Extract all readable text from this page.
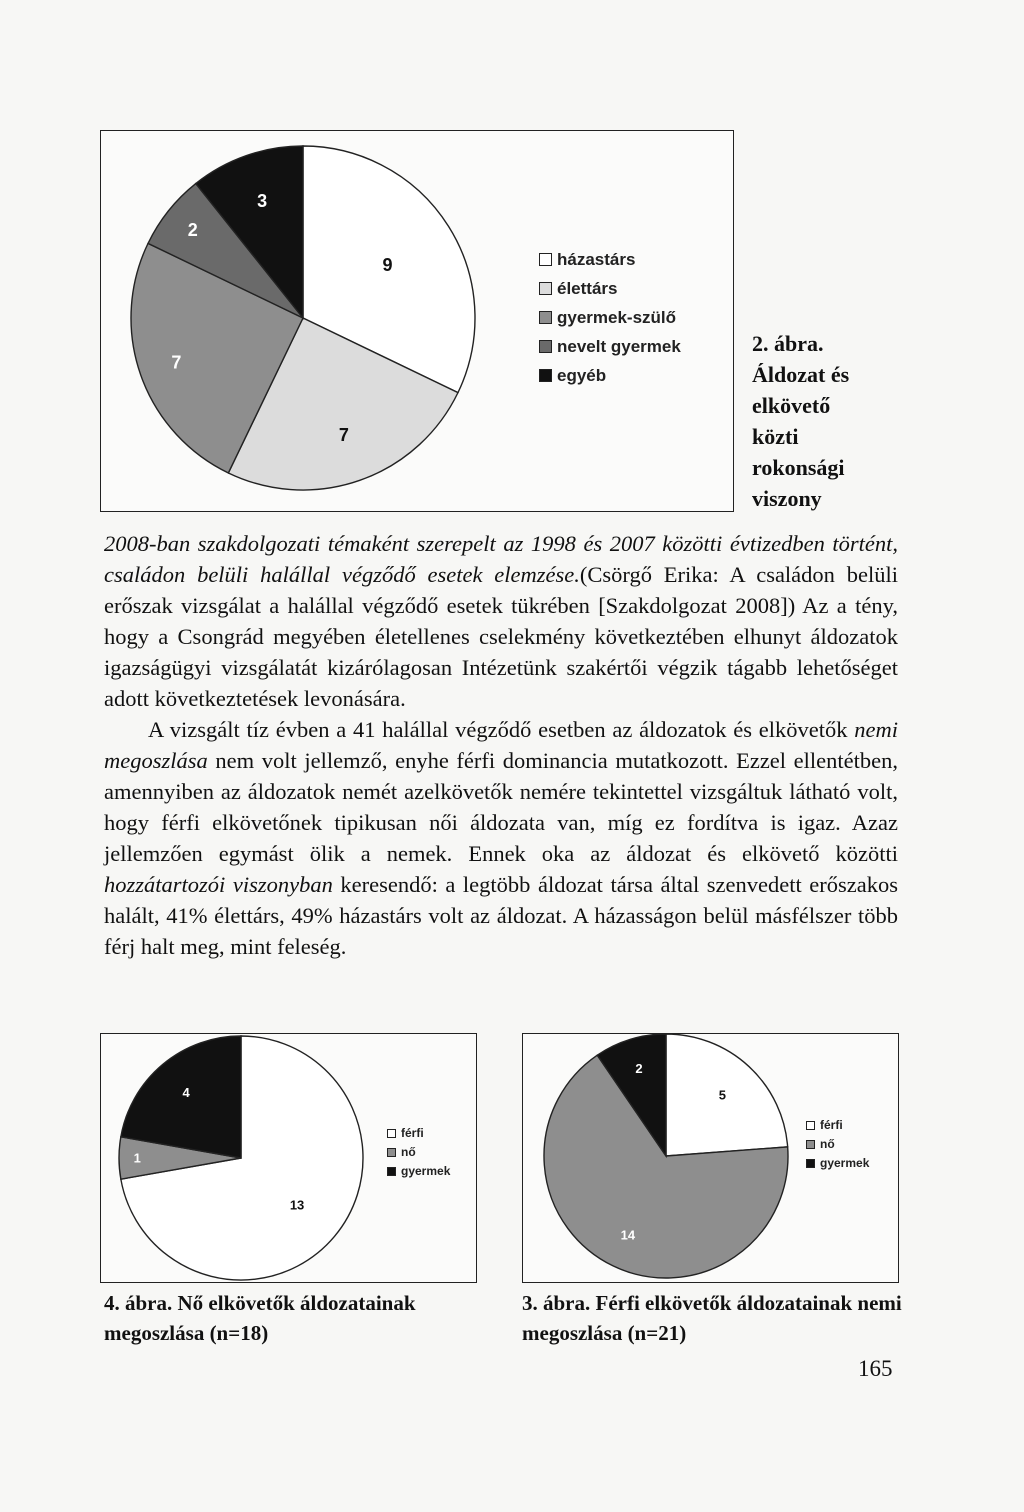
9
7
7
2
3
házastárs
élettárs
gyermek-szülő
nevelt gyermek
egyéb
2. ábra.
Áldozat és
elkövető
közti
rokonsági
viszony

2008-ban szakdolgozati témaként szerepelt az 1998 és 2007 közötti évtizedben történt, családon belüli halállal végződő esetek elemzése.(Csörgő Erika: A családon belüli erőszak vizsgálat a halállal végződő esetek tükrében [Szakdolgozat 2008]) Az a tény, hogy a Csongrád megyében életellenes cselekmény következtében elhunyt áldozatok igazságügyi vizsgálatát kizárólagosan Intézetünk szakértői végzik tágabb lehetőséget adott következtetések levonására.

A vizsgált tíz évben a 41 halállal végződő esetben az áldozatok és elkövetők nemi megoszlása nem volt jellemző, enyhe férfi dominancia mutatkozott. Ezzel ellentétben, amennyiben az áldozatok nemét azelkövetők nemére tekintettel vizsgáltuk látható volt, hogy férfi elkövetőnek tipikusan női áldozata van, míg ez fordítva is igaz. Azaz jellemzően egymást ölik a nemek. Ennek oka az áldozat és elkövető közötti hozzátartozói viszonyban keresendő: a legtöbb áldozat társa által szenvedett erőszakos halált, 41% élettárs, 49% házastárs volt az áldozat. A házasságon belül másfélszer több férj halt meg, mint feleség.

13
1
4
férfi
nő
gyermek
4. ábra. Nő elkövetők áldozatainak megoszlása (n=18)
5
14
2
férfi
nő
gyermek
3. ábra. Férfi elkövetők áldozatainak nemi megoszlása (n=21)
165
